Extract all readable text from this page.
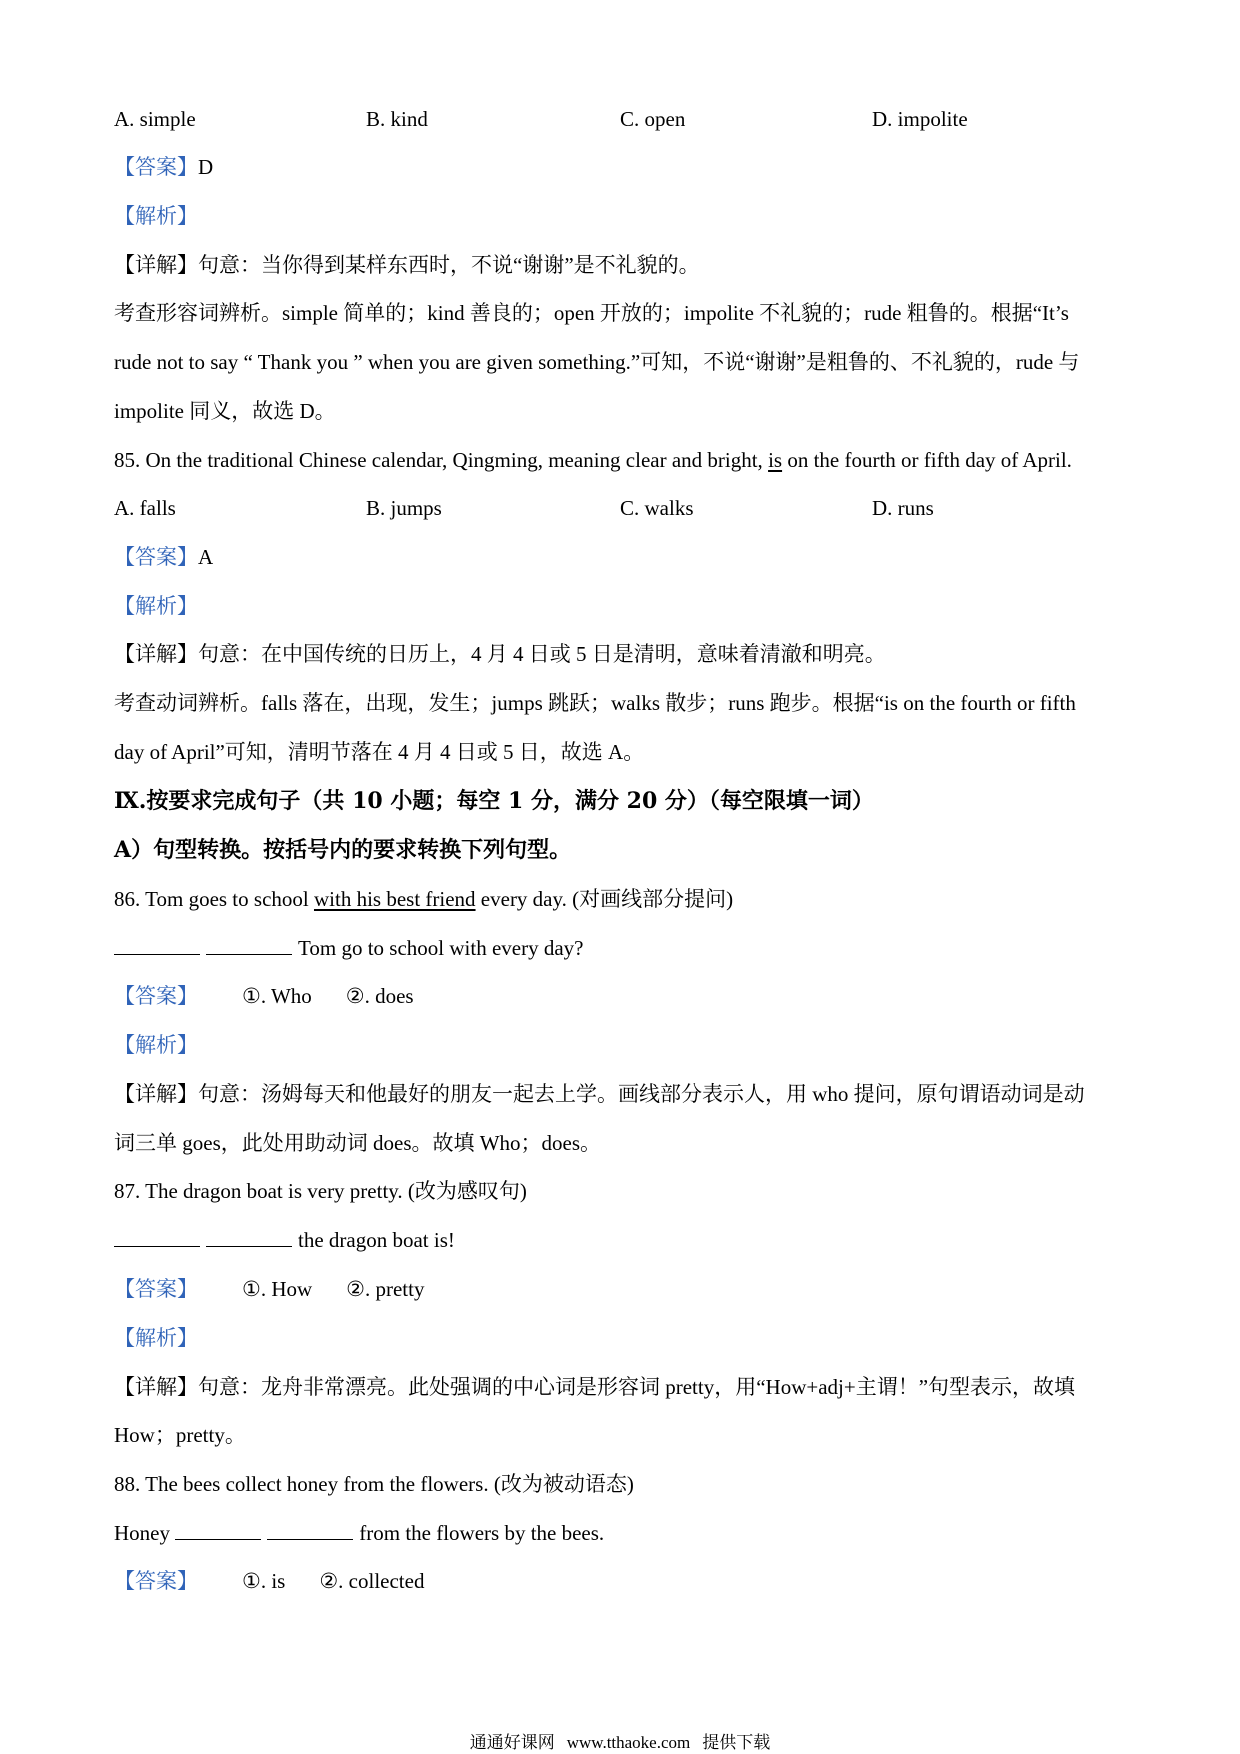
A. simple	B. kind	C. open	D. impolite
【答案】D
【解析】
【详解】句意：当你得到某样东西时，不说“谢谢”是不礼貌的。
考查形容词辨析。simple 简单的；kind 善良的；open 开放的；impolite 不礼貌的；rude 粗鲁的。根据“It’s
rude not to say “ Thank you ” when you are given something.”可知，不说“谢谢”是粗鲁的、不礼貌的，rude 与
impolite 同义，故选 D。
85. On the traditional Chinese calendar, Qingming, meaning clear and bright, is on the fourth or fifth day of April.
A. falls	B. jumps	C. walks	D. runs
【答案】A
【解析】
【详解】句意：在中国传统的日历上，4 月 4 日或 5 日是清明，意味着清澈和明亮。
考查动词辨析。falls 落在，出现，发生；jumps 跳跃；walks 散步；runs 跑步。根据“is on the fourth or fifth
day of April”可知，清明节落在 4 月 4 日或 5 日，故选 A。
Ⅸ.按要求完成句子（共 10 小题；每空 1 分，满分 20 分）（每空限填一词）
A）句型转换。按括号内的要求转换下列句型。
86. Tom goes to school with his best friend every day. (对画线部分提问)
Tom go to school with every day?
【答案】 ①. Who ②. does
【解析】
【详解】句意：汤姆每天和他最好的朋友一起去上学。画线部分表示人，用 who 提问，原句谓语动词是动
词三单 goes，此处用助动词 does。故填 Who；does。
87. The dragon boat is very pretty. (改为感叹句)
the dragon boat is!
【答案】 ①. How ②. pretty
【解析】
【详解】句意：龙舟非常漂亮。此处强调的中心词是形容词 pretty，用“How+adj+主谓！”句型表示，故填
How；pretty。
88. The bees collect honey from the flowers. (改为被动语态)
Honey	from the flowers by the bees.
【答案】 ①. is ②. collected
通通好课网 www.tthaoke.com 提供下载
